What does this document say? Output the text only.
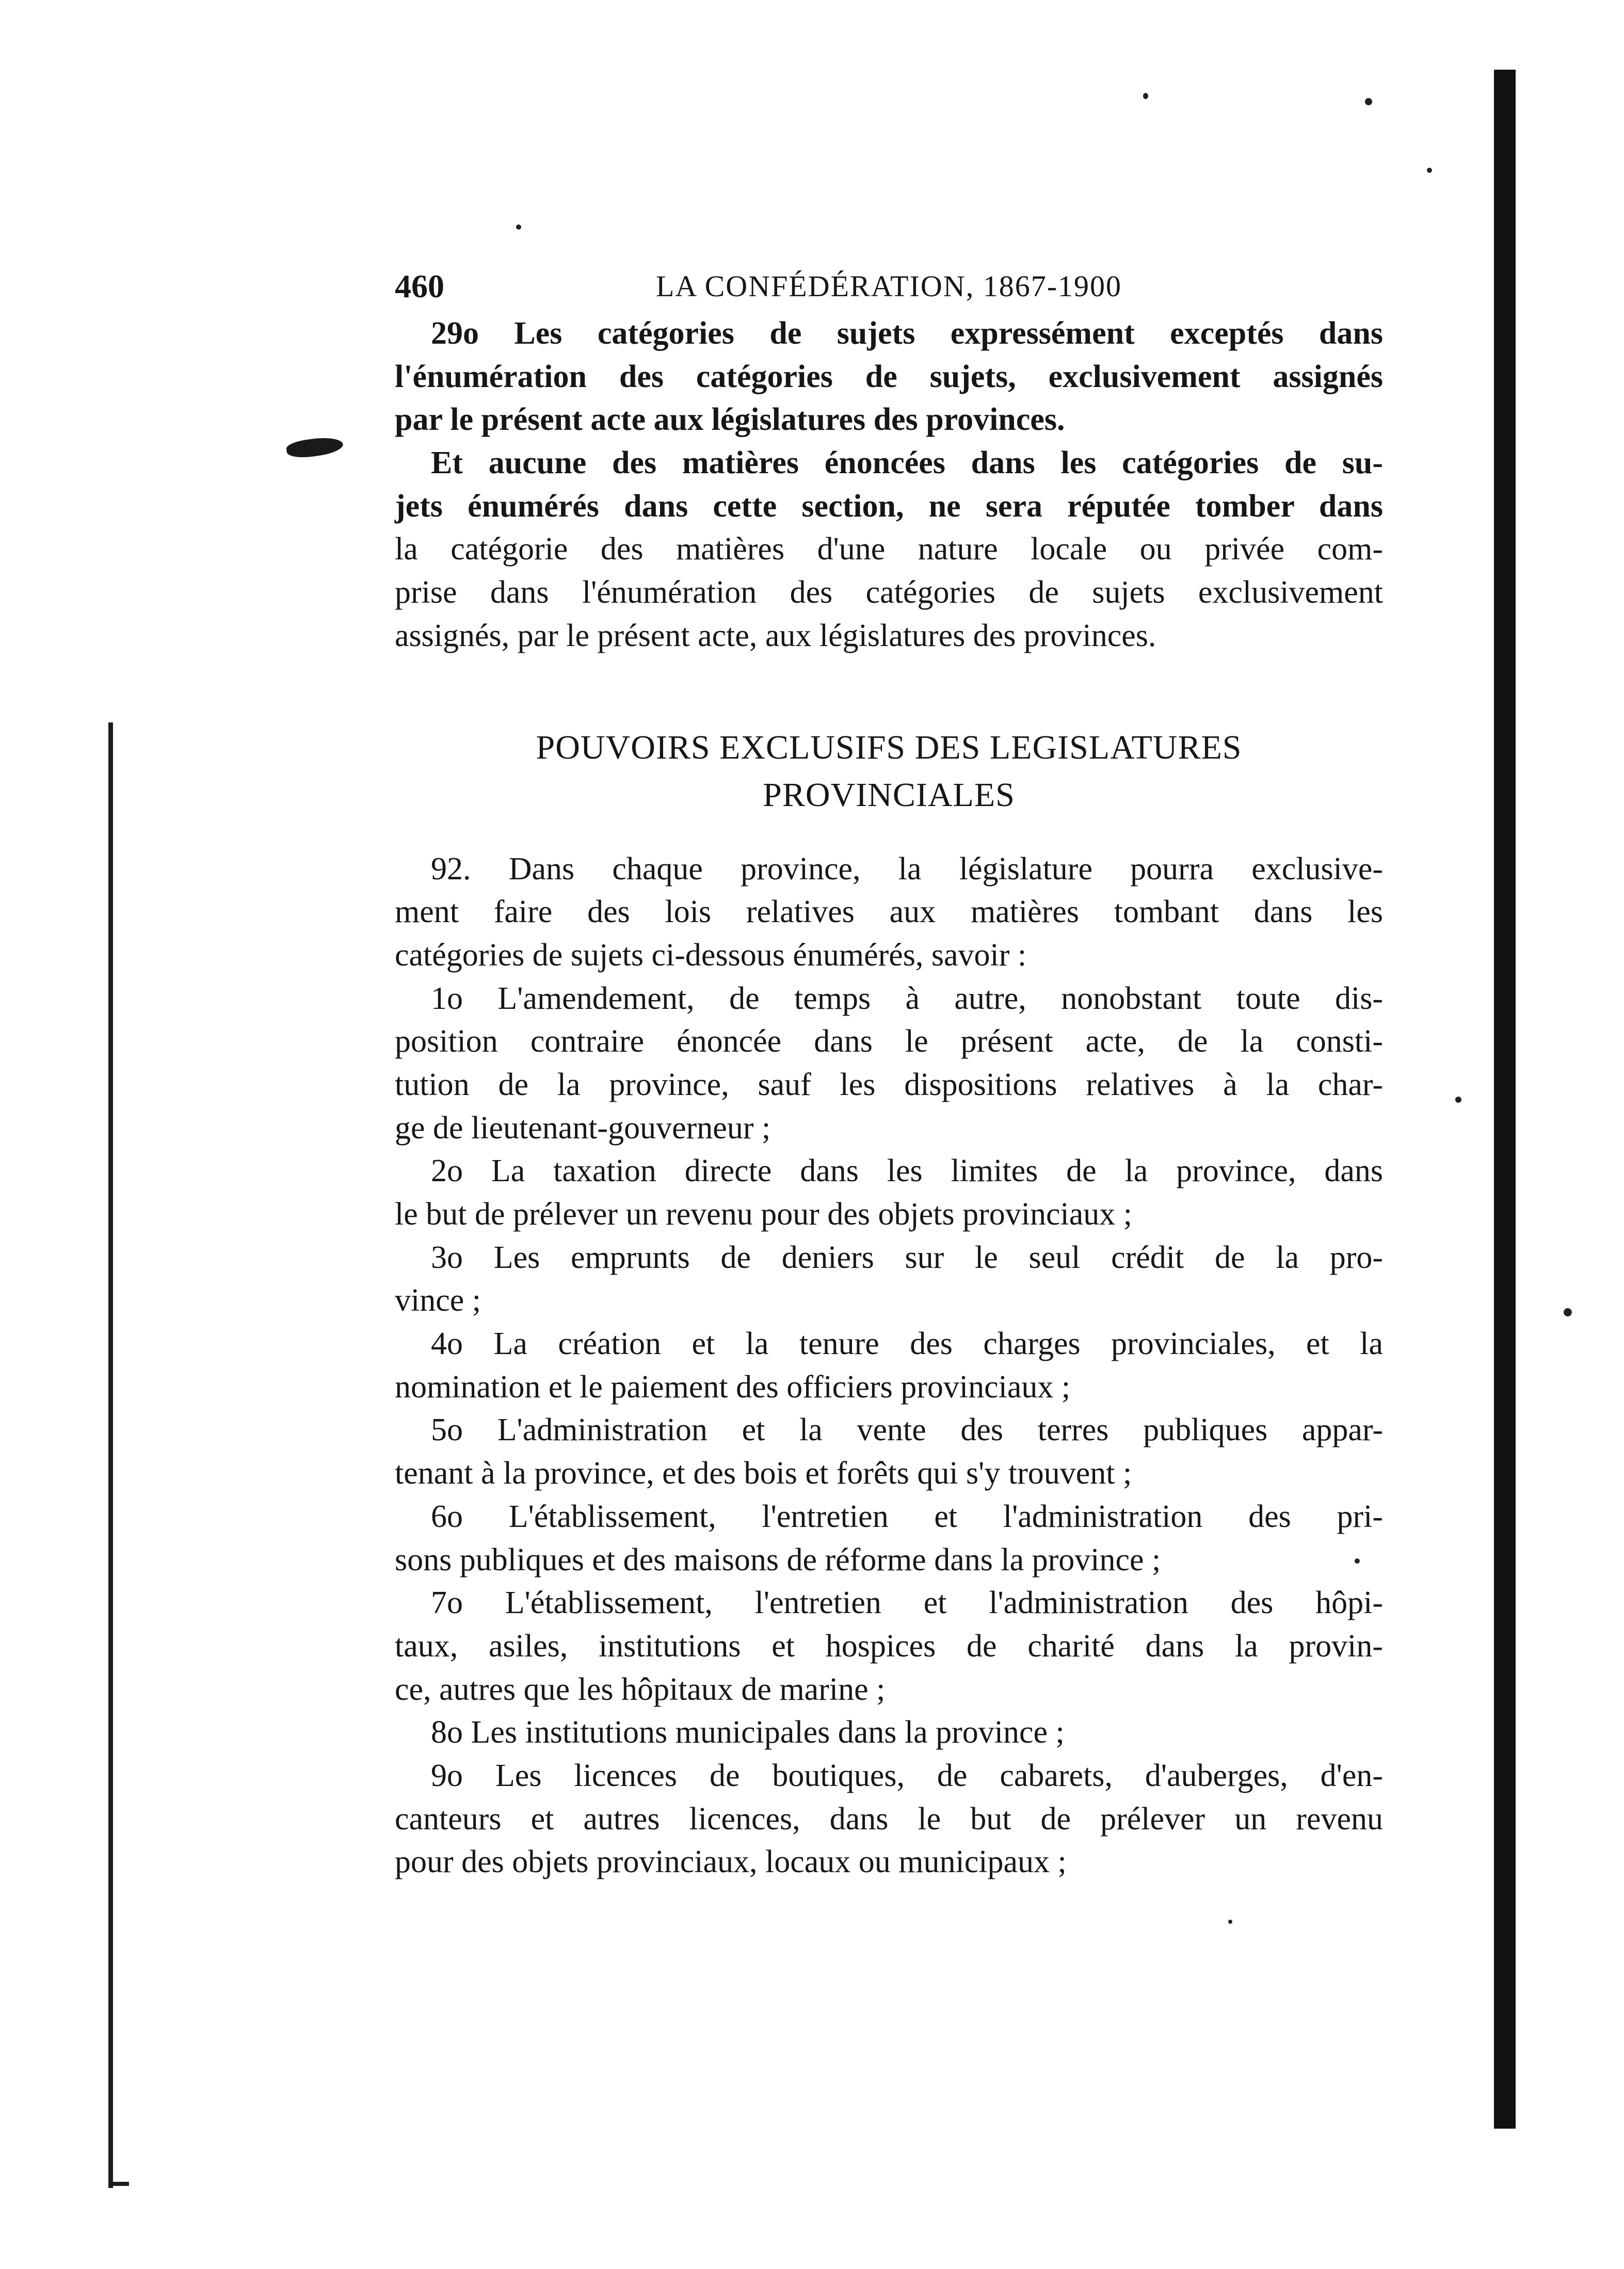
460	LA CONFÉDÉRATION, 1867-1900
29o Les catégories de sujets expressément exceptés dans
l'énumération des catégories de sujets, exclusivement assignés
par le présent acte aux législatures des provinces.
Et aucune des matières énoncées dans les catégories de su-
jets énumérés dans cette section, ne sera réputée tomber dans
la catégorie des matières d'une nature locale ou privée com-
prise dans l'énumération des catégories de sujets exclusivement
assignés, par le présent acte, aux législatures des provinces.
POUVOIRS EXCLUSIFS DES LEGISLATURES
PROVINCIALES
92. Dans chaque province, la législature pourra exclusive-
ment faire des lois relatives aux matières tombant dans les
catégories de sujets ci-dessous énumérés, savoir :
1o L'amendement, de temps à autre, nonobstant toute dis-
position contraire énoncée dans le présent acte, de la consti-
tution de la province, sauf les dispositions relatives à la char-
ge de lieutenant-gouverneur ;
2o La taxation directe dans les limites de la province, dans
le but de prélever un revenu pour des objets provinciaux ;
3o Les emprunts de deniers sur le seul crédit de la pro-
vince ;
4o La création et la tenure des charges provinciales, et la
nomination et le paiement des officiers provinciaux ;
5o L'administration et la vente des terres publiques appar-
tenant à la province, et des bois et forêts qui s'y trouvent ;
6o L'établissement, l'entretien et l'administration des pri-
sons publiques et des maisons de réforme dans la province ;
7o L'établissement, l'entretien et l'administration des hôpi-
taux, asiles, institutions et hospices de charité dans la provin-
ce, autres que les hôpitaux de marine ;
8o Les institutions municipales dans la province ;
9o Les licences de boutiques, de cabarets, d'auberges, d'en-
canteurs et autres licences, dans le but de prélever un revenu
pour des objets provinciaux, locaux ou municipaux ;
